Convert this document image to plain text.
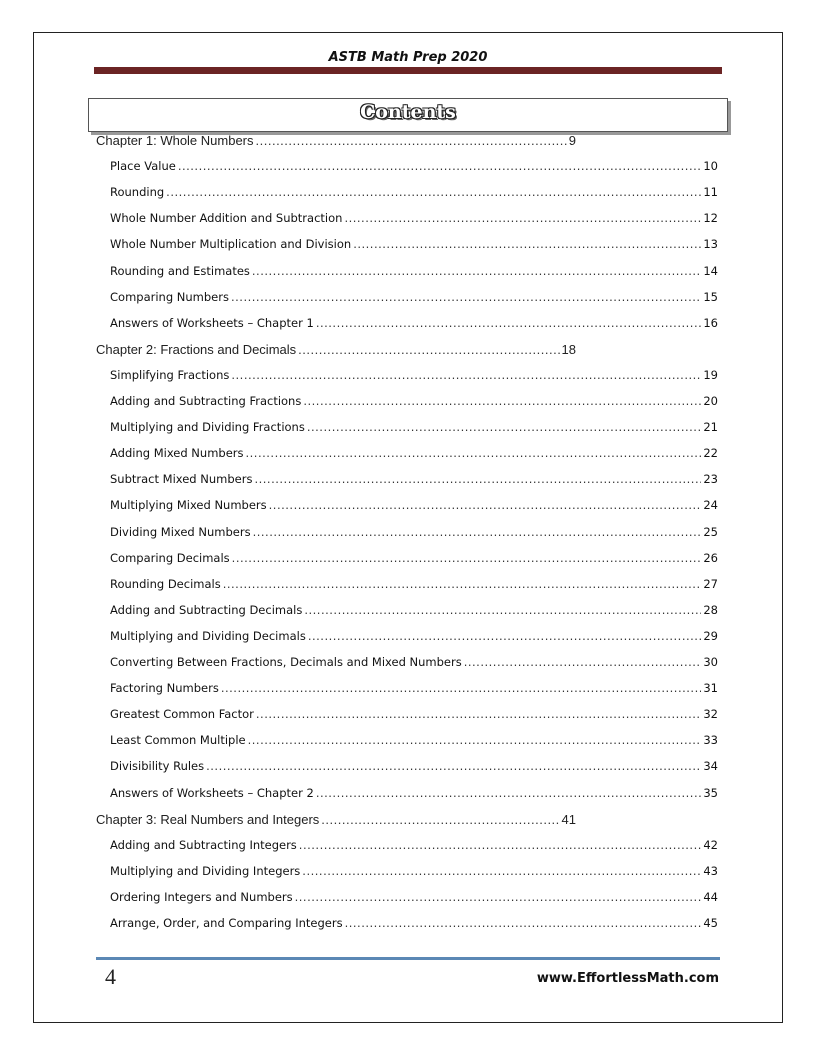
ASTB Math Prep 2020
Contents
Chapter 1: Whole Numbers .....	9
Place Value .....	10
Rounding .....	11
Whole Number Addition and Subtraction .....	12
Whole Number Multiplication and Division .....	13
Rounding and Estimates .....	14
Comparing Numbers .....	15
Answers of Worksheets – Chapter 1 .....	16
Chapter 2: Fractions and Decimals .....	18
Simplifying Fractions .....	19
Adding and Subtracting Fractions .....	20
Multiplying and Dividing Fractions .....	21
Adding Mixed Numbers .....	22
Subtract Mixed Numbers .....	23
Multiplying Mixed Numbers .....	24
Dividing Mixed Numbers .....	25
Comparing Decimals .....	26
Rounding Decimals .....	27
Adding and Subtracting Decimals .....	28
Multiplying and Dividing Decimals .....	29
Converting Between Fractions, Decimals and Mixed Numbers .....	30
Factoring Numbers .....	31
Greatest Common Factor .....	32
Least Common Multiple .....	33
Divisibility Rules .....	34
Answers of Worksheets – Chapter 2 .....	35
Chapter 3: Real Numbers and Integers .....	41
Adding and Subtracting Integers .....	42
Multiplying and Dividing Integers .....	43
Ordering Integers and Numbers .....	44
Arrange, Order, and Comparing Integers .....	45
4	www.EffortlessMath.com
